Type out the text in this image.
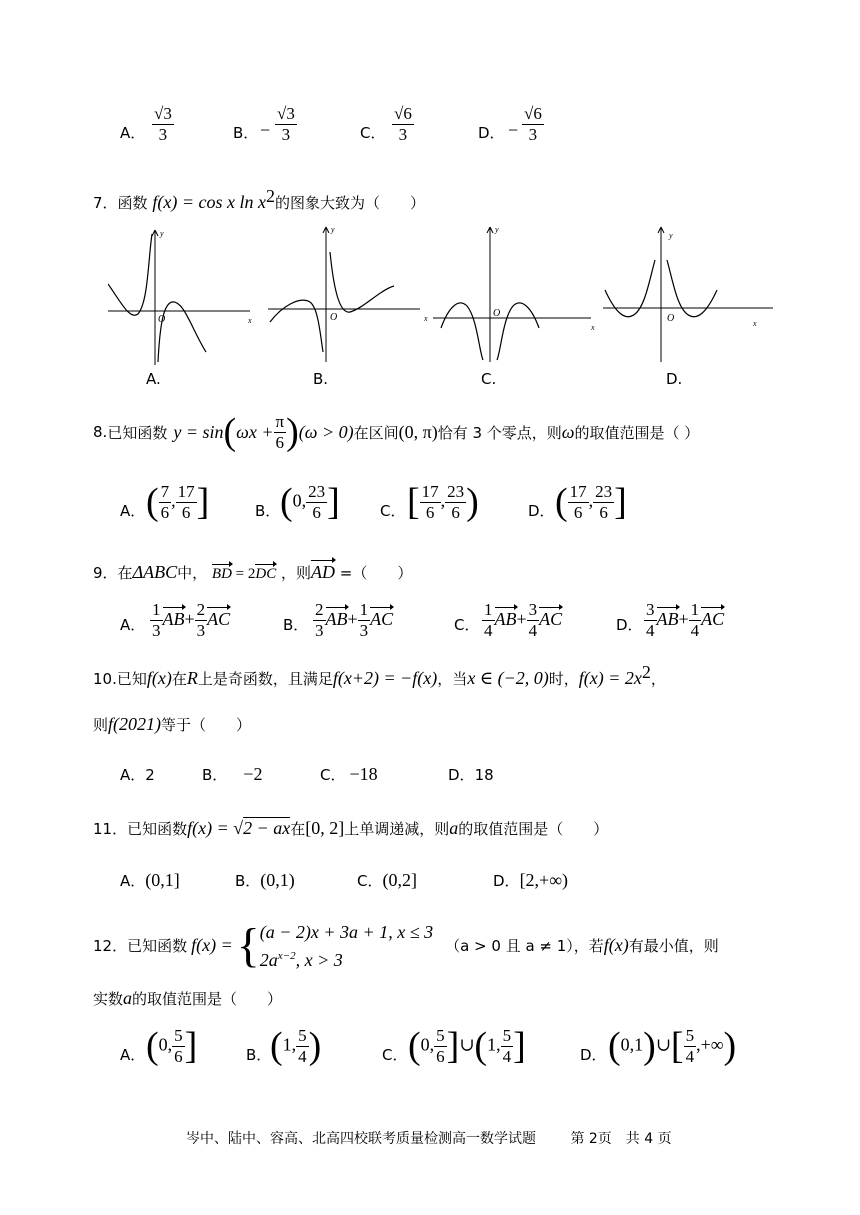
A． $\frac{√3}{3}$	B． − $\frac{√3}{3}$	C． $\frac{√6}{3}$	D． − $\frac{√6}{3}$
7．函数 f(x) = cos x $\ln x^2$的图象大致为（　　）
y
x
O
y
x
O
y
x
O
y
x
O
A.	B.	C.	D.
8. 已知函数 y = sin ( $\omega x + \frac{\pi}{6}$ ) (ω > 0) 在区间 (0, π) 恰有 3 个零点，则 ω 的取值范围是（ ）
A． ( $\frac{7}{6}$ , $\frac{17}{6}$ ]	B． (0, $\frac{23}{6}$ ]	C． [ $\frac{17}{6}$ , $\frac{23}{6}$ )	D． ( $\frac{17}{6}$ , $\frac{23}{6}$ ]
9．在ΔABC中， BD = 2DC ，则AD =（　　）
A． $\frac{1}{3} AB+ \frac{2}{3}$ AC	B． $\frac{2}{3} AB+ \frac{1}{3}$ AC	C． $\frac{1}{4} AB+ \frac{3}{4}$ AC	D． $\frac{3}{4} AB+ \frac{1}{4}$ AC
10.已知f(x)在R上是奇函数，且满足f(x+2) = −f(x)，当x ∈ (−2, 0)时，$f(x) = 2x^2$，
则f(2021)等于（　　）
A．2	B． −2	C． −18	D．18
11．已知函数f(x) = √2 − ax在[0, 2]上单调递减，则a的取值范围是（　　）
A．(0,1]	B．(0,1)	C．(0,2]	D．[2,+∞)
12． 已知函数 f(x) = { (a − 2)x + 3a + 1, x ≤ 3
$2a^{x-2}$, x > 3
（a > 0 且 a ≠ 1），若 f(x) 有最小值，则
实数a的取值范围是（　　）
A． (0, $\frac{5}{6}$ ]	B．
(1, $\frac{5}{4}$ )	C． (0, $\frac{5}{6}$ ]∪(1, $\frac{5}{4}$ ]	D． (0,1)∪[ $\frac{5}{4}$ ,+∞)
岑中、陆中、容高、北高四校联考质量检测高一数学试题 第 2页　共 4 页
